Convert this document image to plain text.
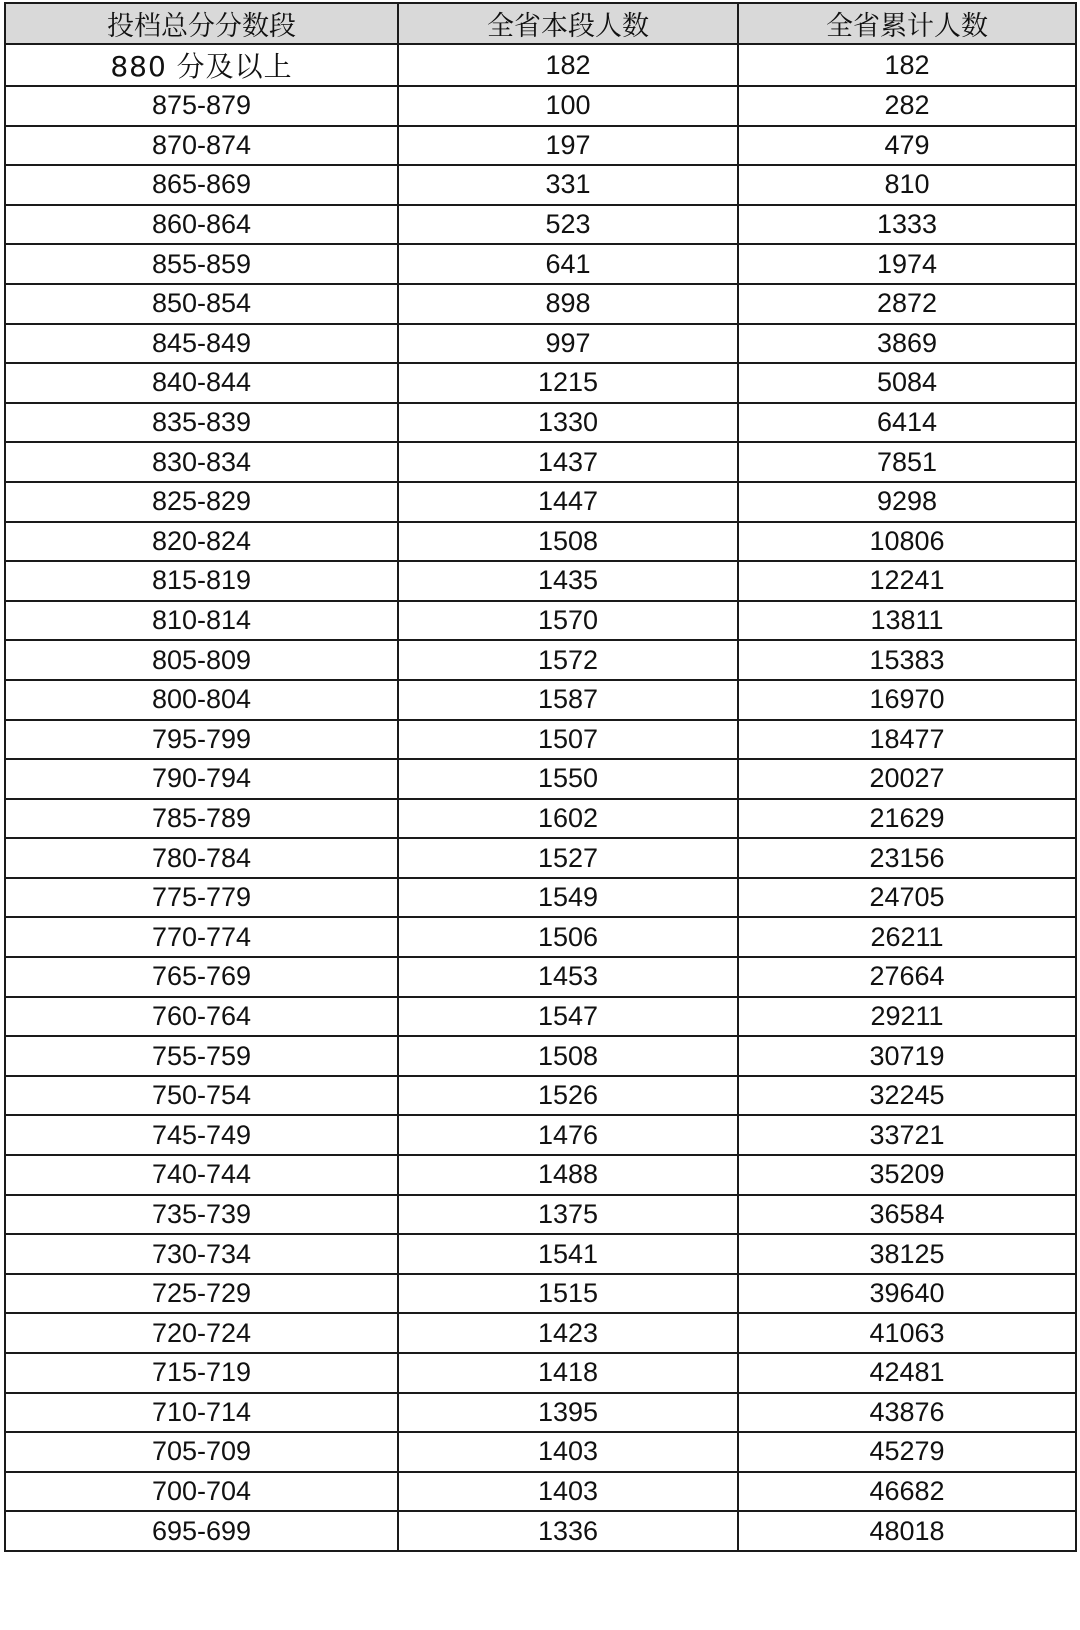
投档总分分数段	全省本段人数	全省累计人数
880 分及以上	182	182
875-879	100	282
870-874	197	479
865-869	331	810
860-864	523	1333
855-859	641	1974
850-854	898	2872
845-849	997	3869
840-844	1215	5084
835-839	1330	6414
830-834	1437	7851
825-829	1447	9298
820-824	1508	10806
815-819	1435	12241
810-814	1570	13811
805-809	1572	15383
800-804	1587	16970
795-799	1507	18477
790-794	1550	20027
785-789	1602	21629
780-784	1527	23156
775-779	1549	24705
770-774	1506	26211
765-769	1453	27664
760-764	1547	29211
755-759	1508	30719
750-754	1526	32245
745-749	1476	33721
740-744	1488	35209
735-739	1375	36584
730-734	1541	38125
725-729	1515	39640
720-724	1423	41063
715-719	1418	42481
710-714	1395	43876
705-709	1403	45279
700-704	1403	46682
695-699	1336	48018
